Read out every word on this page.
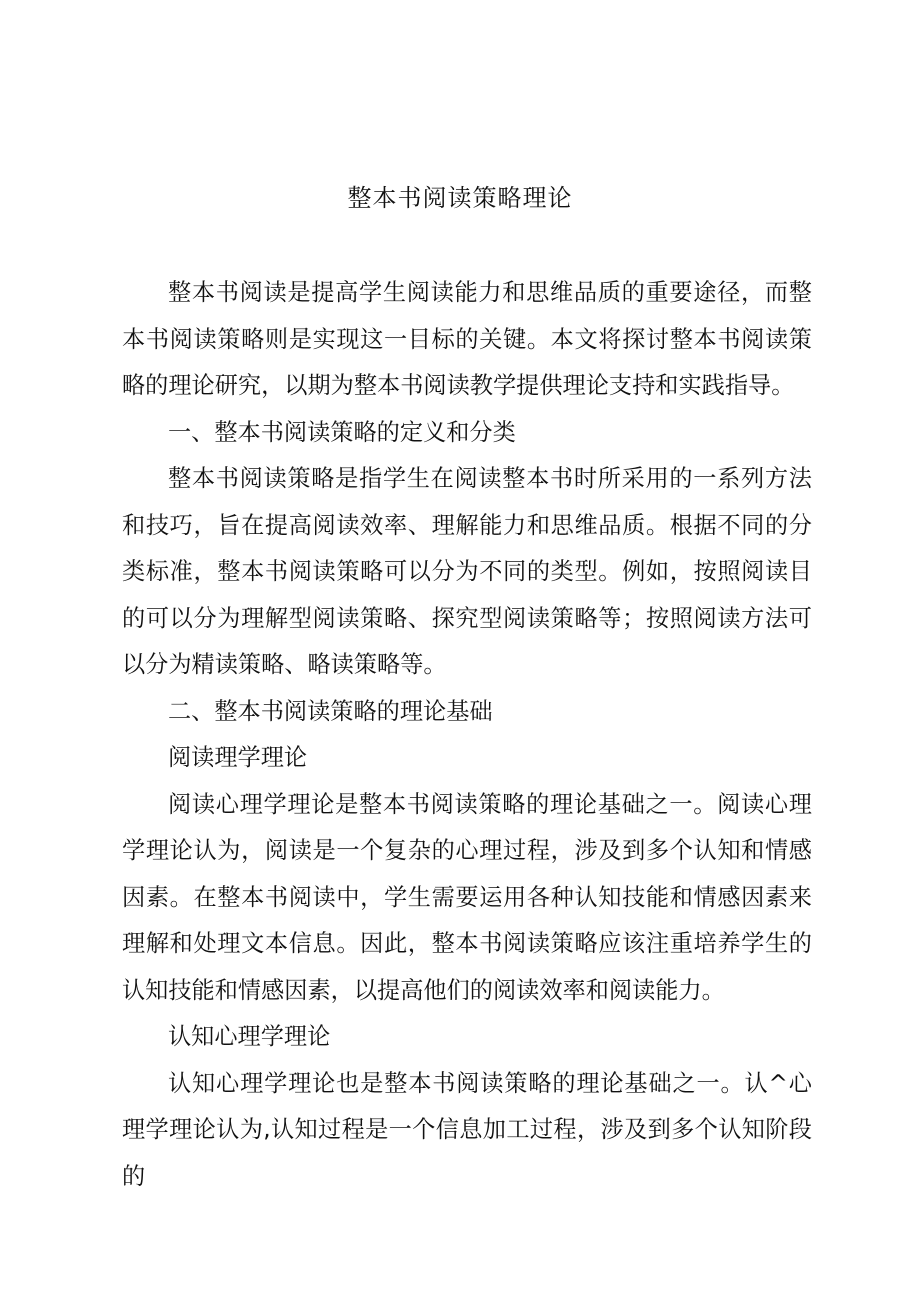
整本书阅读策略理论

整本书阅读是提高学生阅读能力和思维品质的重要途径，而整本书阅读策略则是实现这一目标的关键。本文将探讨整本书阅读策略的理论研究，以期为整本书阅读教学提供理论支持和实践指导。

一、整本书阅读策略的定义和分类

整本书阅读策略是指学生在阅读整本书时所采用的一系列方法和技巧，旨在提高阅读效率、理解能力和思维品质。根据不同的分类标准，整本书阅读策略可以分为不同的类型。例如，按照阅读目的可以分为理解型阅读策略、探究型阅读策略等；按照阅读方法可以分为精读策略、略读策略等。

二、整本书阅读策略的理论基础

阅读理学理论

阅读心理学理论是整本书阅读策略的理论基础之一。阅读心理学理论认为，阅读是一个复杂的心理过程，涉及到多个认知和情感因素。在整本书阅读中，学生需要运用各种认知技能和情感因素来理解和处理文本信息。因此，整本书阅读策略应该注重培养学生的认知技能和情感因素，以提高他们的阅读效率和阅读能力。

认知心理学理论

认知心理学理论也是整本书阅读策略的理论基础之一。认^心理学理论认为,认知过程是一个信息加工过程，涉及到多个认知阶段的
